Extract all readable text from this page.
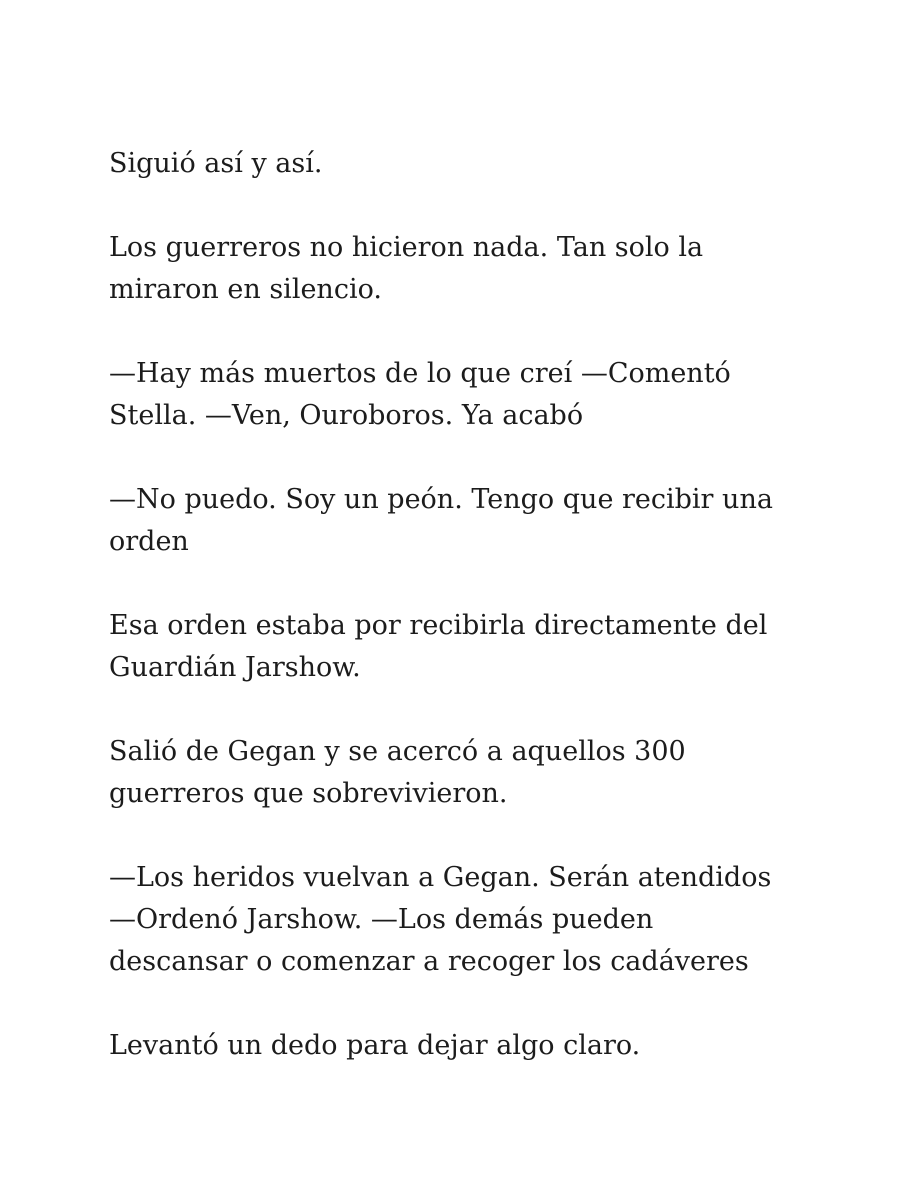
Siguió así y así.

Los guerreros no hicieron nada. Tan solo la
miraron en silencio.

—Hay más muertos de lo que creí —Comentó
Stella. —Ven, Ouroboros. Ya acabó

—No puedo. Soy un peón. Tengo que recibir una
orden

Esa orden estaba por recibirla directamente del
Guardián Jarshow.

Salió de Gegan y se acercó a aquellos 300
guerreros que sobrevivieron.

—Los heridos vuelvan a Gegan. Serán atendidos
—Ordenó Jarshow. —Los demás pueden
descansar o comenzar a recoger los cadáveres

Levantó un dedo para dejar algo claro.
